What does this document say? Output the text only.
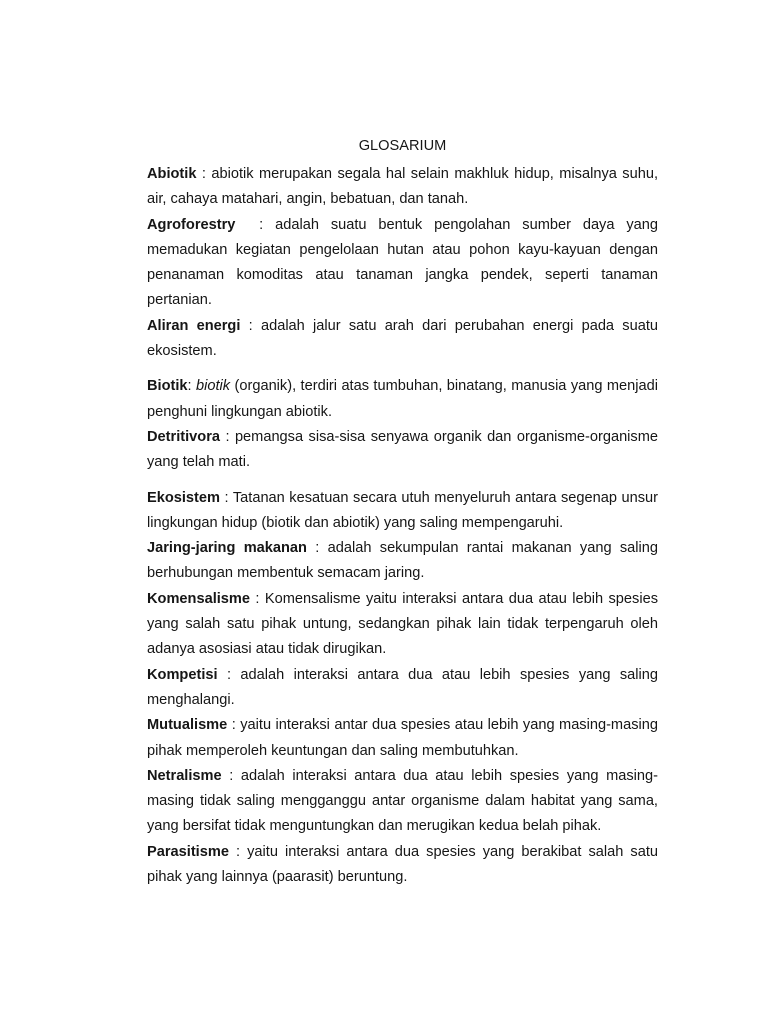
GLOSARIUM

Abiotik : abiotik merupakan segala hal selain makhluk hidup, misalnya suhu, air, cahaya matahari, angin, bebatuan, dan tanah.

Agroforestry  : adalah suatu bentuk pengolahan sumber daya yang memadukan kegiatan pengelolaan hutan atau pohon kayu-kayuan dengan penanaman komoditas atau tanaman jangka pendek, seperti tanaman pertanian.

Aliran energi : adalah jalur satu arah dari perubahan energi pada suatu ekosistem.

Biotik: biotik (organik), terdiri atas tumbuhan, binatang, manusia yang menjadi penghuni lingkungan abiotik.

Detritivora : pemangsa sisa-sisa senyawa organik dan organisme-organisme yang telah mati.

Ekosistem : Tatanan kesatuan secara utuh menyeluruh antara segenap unsur lingkungan hidup (biotik dan abiotik) yang saling mempengaruhi.

Jaring-jaring makanan : adalah sekumpulan rantai makanan yang saling berhubungan membentuk semacam jaring.

Komensalisme : Komensalisme yaitu interaksi antara dua atau lebih spesies yang salah satu pihak untung, sedangkan pihak lain tidak terpengaruh oleh adanya asosiasi atau tidak dirugikan.

Kompetisi : adalah interaksi antara dua atau lebih spesies yang saling menghalangi.

Mutualisme : yaitu interaksi antar dua spesies atau lebih yang masing-masing pihak memperoleh keuntungan dan saling membutuhkan.

Netralisme : adalah interaksi antara dua atau lebih spesies yang masing-masing tidak saling mengganggu antar organisme dalam habitat yang sama, yang bersifat tidak menguntungkan dan merugikan kedua belah pihak.

Parasitisme : yaitu interaksi antara dua spesies yang berakibat salah satu pihak yang lainnya (paarasit) beruntung.
